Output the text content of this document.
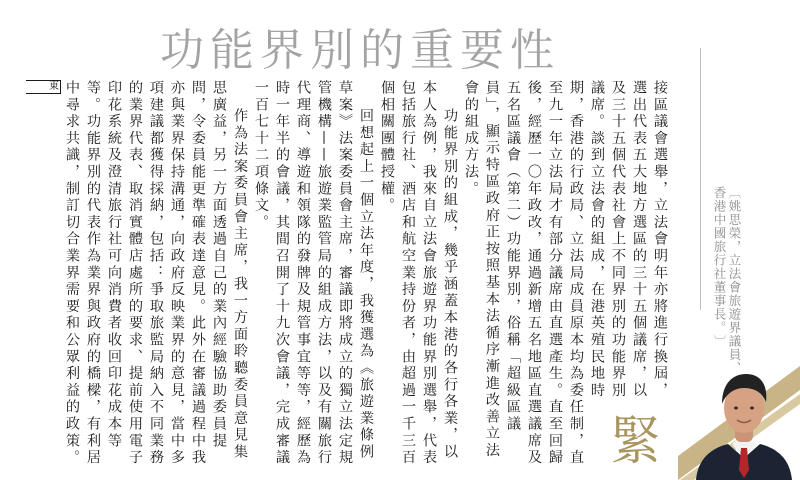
功能界別的重要性

緊
接區議會選舉，立法會明年亦將進行換屆，選出代表五大地方選區的三十五個議席，以及三十五個代表社會上不同界別的功能界別議席。談到立法會的組成，在港英殖民地時期，香港的行政局、立法局成員原本均為委任制，直至九一年立法局才有部分議席由直選產生。直至回歸後，經歷一〇年政改，通過新增五名地區直選議席及五名區議會（第二）功能界別，俗稱「超級區議員」，顯示特區政府正按照基本法循序漸進改善立法會的組成方法。

功能界別的組成，幾乎涵蓋本港的各行各業，以本人為例，我來自立法會旅遊界功能界別選舉，代表包括旅行社、酒店和航空業持份者，由超過一千三百個相關團體授權。

回想起上一個立法年度，我獲選為《旅遊業條例草案》法案委員會主席，審議即將成立的獨立法定規管機構——旅遊業監管局的組成方法，以及有關旅行代理商、導遊和領隊的發牌及規管事宜等等，經歷為時一年半的會議，其間召開了十九次會議，完成審議一百七十二項條文。

作為法案委員會主席，我一方面聆聽委員意見集思廣益，另一方面透過自己的業內經驗協助委員提問，令委員能更準確表達意見。此外在審議過程中我亦與業界保持溝通，向政府反映業界的意見，當中多項建議都獲得採納，包括：爭取旅監局納入不同業務的業界代表、取消實體店處所的要求、提前使用電子印花系統及澄清旅行社可向消費者收回印花成本等等。功能界別的代表作為業界與政府的橋樑，有利居中尋求共識，制訂切合業界需要和公眾利益的政策。東

︹姚思榮，立法會旅遊界議員、
香港中國旅行社董事長。︺
